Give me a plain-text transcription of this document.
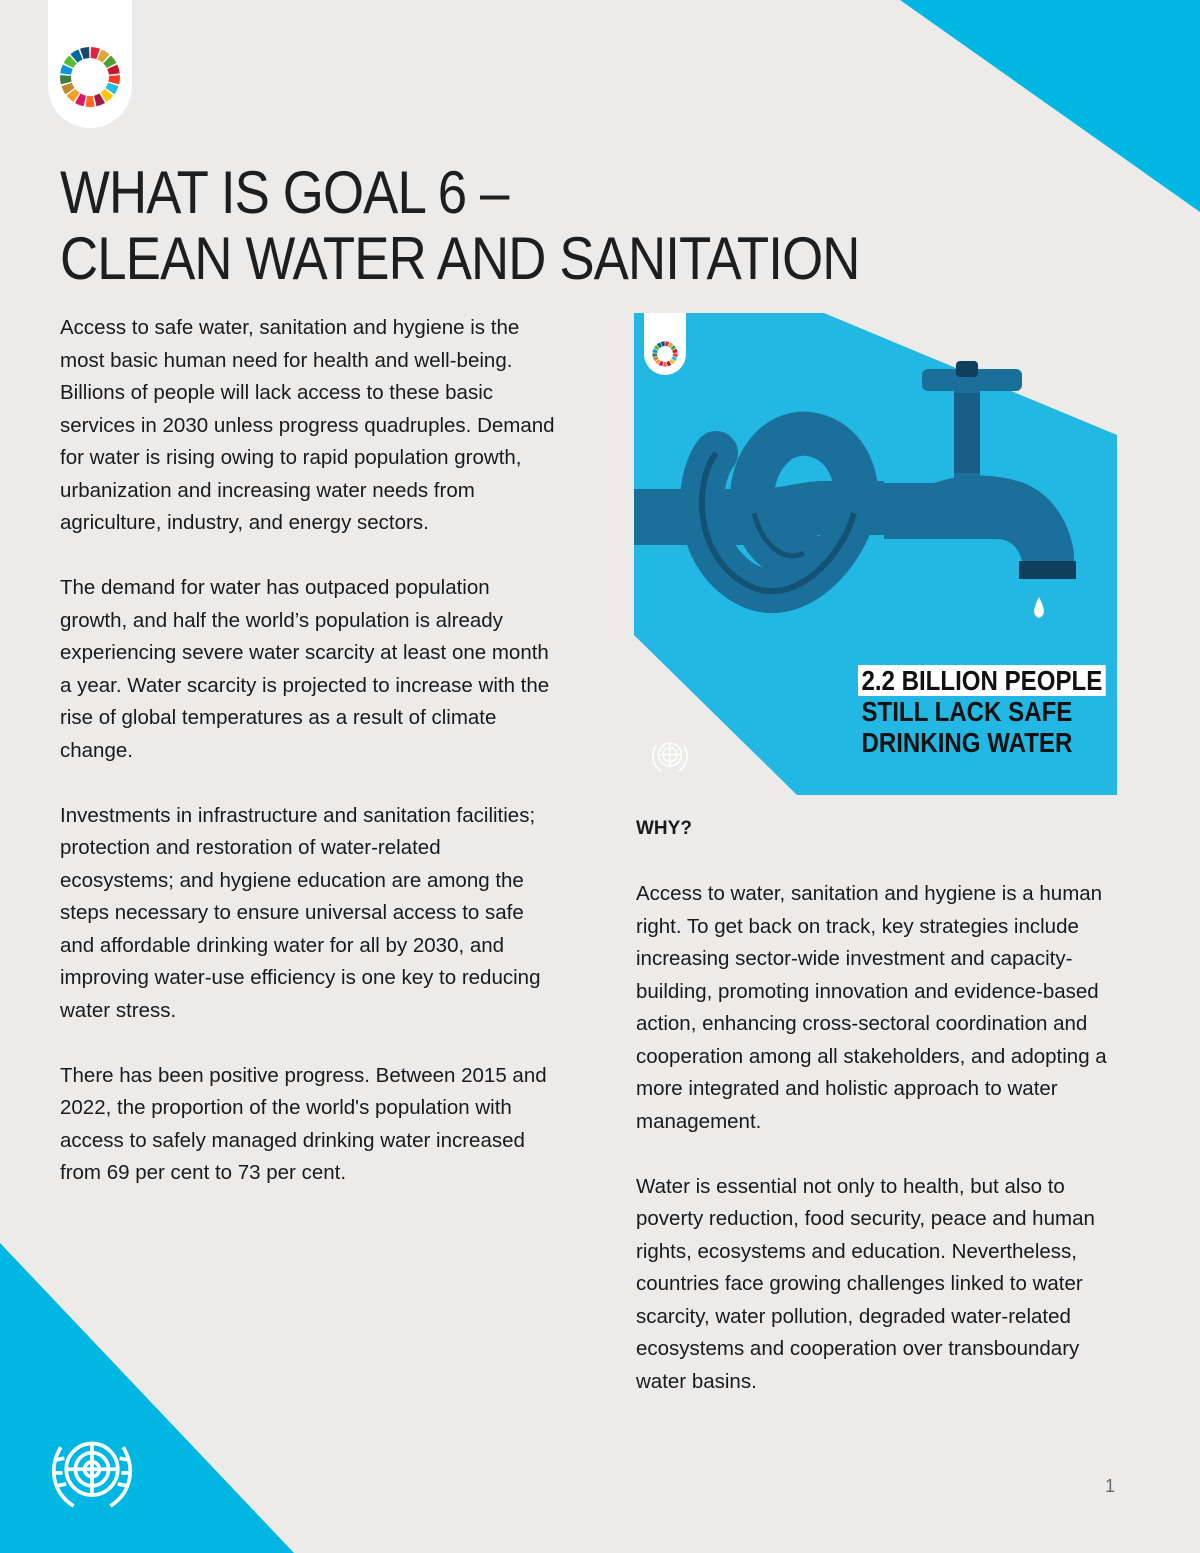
WHAT IS GOAL 6 –
CLEAN WATER AND SANITATION

Access to safe water, sanitation and hygiene is the most basic human need for health and well-being. Billions of people will lack access to these basic services in 2030 unless progress quadruples. Demand for water is rising owing to rapid population growth, urbanization and increasing water needs from agriculture, industry, and energy sectors.

The demand for water has outpaced population growth, and half the world’s population is already experiencing severe water scarcity at least one month a year. Water scarcity is projected to increase with the rise of global temperatures as a result of climate change.

Investments in infrastructure and sanitation facilities; protection and restoration of water-related ecosystems; and hygiene education are among the steps necessary to ensure universal access to safe and affordable drinking water for all by 2030, and improving water-use efficiency is one key to reducing water stress.

There has been positive progress. Between 2015 and 2022, the proportion of the world's population with access to safely managed drinking water increased from 69 per cent to 73 per cent.

2.2 BILLION PEOPLE
STILL LACK SAFE
DRINKING WATER
WHY?

Access to water, sanitation and hygiene is a human right. To get back on track, key strategies include increasing sector-wide investment and capacity-building, promoting innovation and evidence-based action, enhancing cross-sectoral coordination and cooperation among all stakeholders, and adopting a more integrated and holistic approach to water management.

Water is essential not only to health, but also to poverty reduction, food security, peace and human rights, ecosystems and education. Nevertheless, countries face growing challenges linked to water scarcity, water pollution, degraded water-related ecosystems and cooperation over transboundary water basins.

1
